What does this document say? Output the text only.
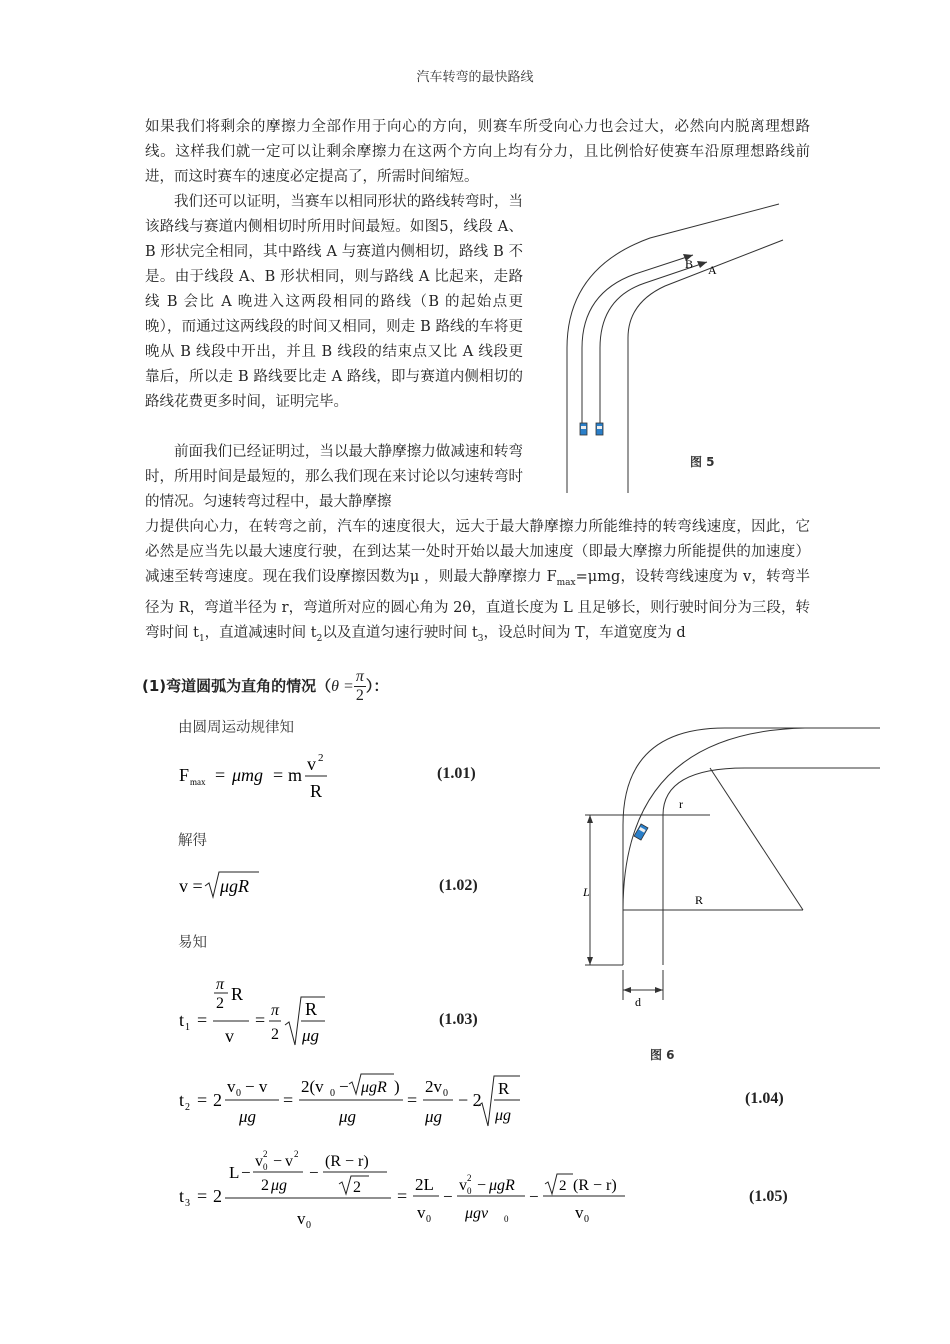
汽车转弯的最快路线

如果我们将剩余的摩擦力全部作用于向心的方向，则赛车所受向心力也会过大，必然向内脱离理想路线。这样我们就一定可以让剩余摩擦力在这两个方向上均有分力，且比例恰好使赛车沿原理想路线前进，而这时赛车的速度必定提高了，所需时间缩短。

我们还可以证明，当赛车以相同形状的路线转弯时，当该路线与赛道内侧相切时所用时间最短。如图5，线段 A、B 形状完全相同，其中路线 A 与赛道内侧相切，路线 B 不是。由于线段 A、B 形状相同，则与路线 A 比起来，走路线 B 会比 A 晚进入这两段相同的路线（B 的起始点更晚），而通过这两线段的时间又相同，则走 B 路线的车将更晚从 B 线段中开出，并且 B 线段的结束点又比 A 线段更靠后，所以走 B 路线要比走 A 路线，即与赛道内侧相切的路线花费更多时间，证明完毕。

前面我们已经证明过，当以最大静摩擦力做减速和转弯时，所用时间是最短的，那么我们现在来讨论以匀速转弯时的情况。匀速转弯过程中，最大静摩擦

力提供向心力，在转弯之前，汽车的速度很大，远大于最大静摩擦力所能维持的转弯线速度，因此，它必然是应当先以最大速度行驶，在到达某一处时开始以最大加速度（即最大摩擦力所能提供的加速度）减速至转弯速度。现在我们设摩擦因数为μ ，则最大静摩擦力 $F_{max}=\mu mg$，设转弯线速度为 v，转弯半径为 R，弯道半径为 r，弯道所对应的圆心角为 2θ，直道长度为 L 且足够长，则行驶时间分为三段，转弯时间 $t_1$，直道减速时间 $t_2$以及直道匀速行驶时间 $t_3$，设总时间为 T，车道宽度为 d

A
B
图 5
(1)弯道圆弧为直角的情况（$\theta = \frac{\pi}{2}$ ）：
由圆周运动规律知
解得
易知
F max = μmg = m
v 2
R
(1.01)
v = μgR	(1.02)
t 1 =
π
2 R
v
= π
2
R
μg
(1.03)
t 2 = 2
v 0 − v
μg
=
2(v 0 − μgR )
μg
=
2v 0
μg
− 2
R
μg
(1.04)
t 3 = 2
L −
v 0
2 − v 2
2 μg
−
(R − r)
2
v 0
=
2L
v 0
−
v 0
2 − μgR
μgv 0
−
2 (R − r)
v 0
(1.05)
r
R
L
d
图 6
